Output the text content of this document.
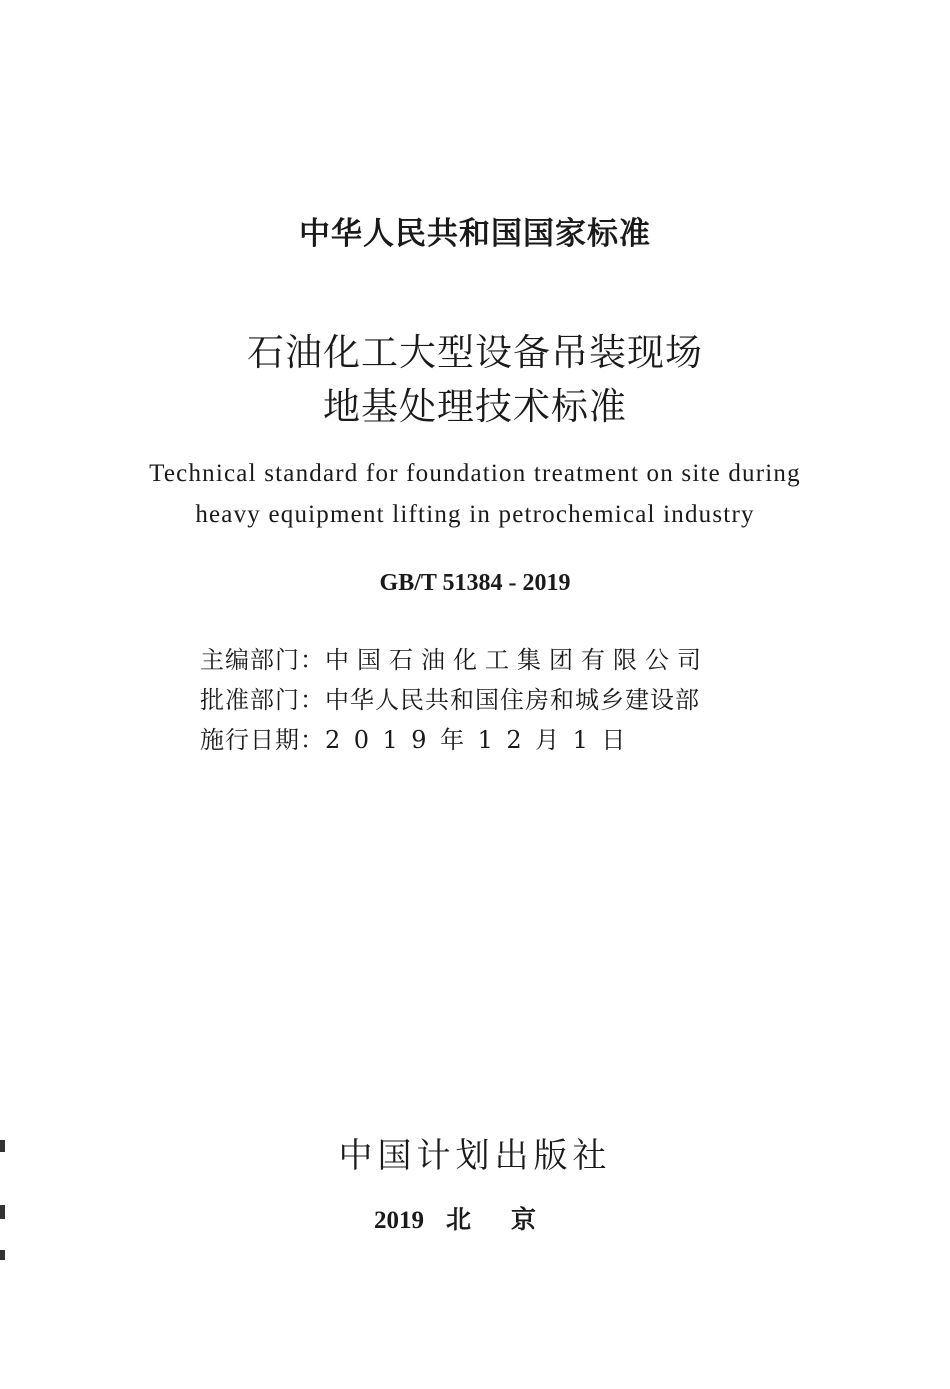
中华人民共和国国家标准
石油化工大型设备吊装现场
地基处理技术标准
Technical standard for foundation treatment on site during
heavy equipment lifting in petrochemical industry
GB/T 51384 - 2019
主编部门： 中国石油化工集团有限公司
批准部门： 中华人民共和国住房和城乡建设部
施行日期： 2019年12月1日
中国计划出版社
2019 北京
